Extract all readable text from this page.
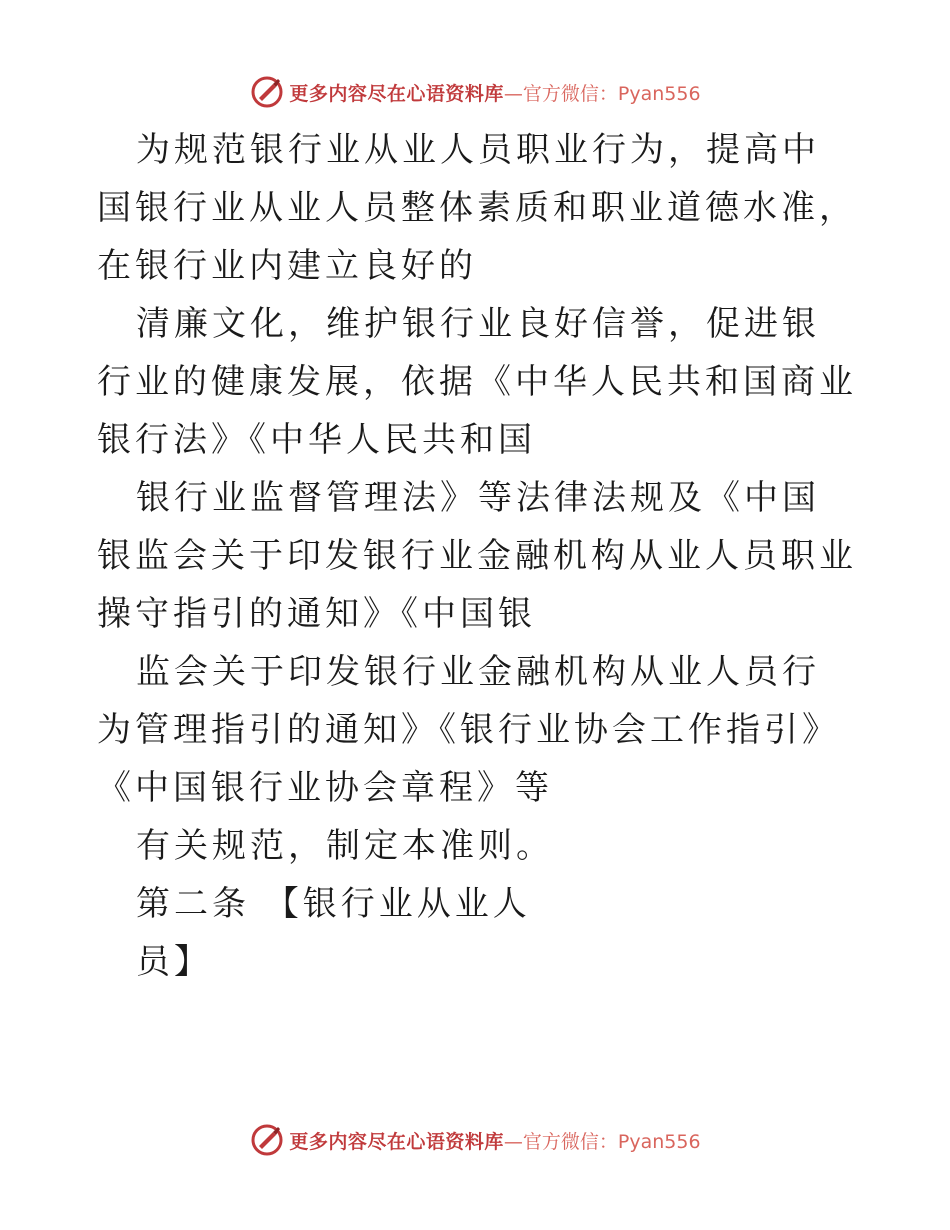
更多内容尽在心语资料库 —官方微信：Pyan556

为规范银行业从业人员职业行为，提高中国银行业从业人员整体素质和职业道德水准，在银行业内建立良好的

清廉文化，维护银行业良好信誉，促进银行业的健康发展，依据《中华人民共和国商业银行法》《中华人民共和国

银行业监督管理法》等法律法规及《中国银监会关于印发银行业金融机构从业人员职业操守指引的通知》《中国银

监会关于印发银行业金融机构从业人员行为管理指引的通知》《银行业协会工作指引》《中国银行业协会章程》等

有关规范，制定本准则。

第二条 【银行业从业人

员】

更多内容尽在心语资料库 —官方微信：Pyan556
